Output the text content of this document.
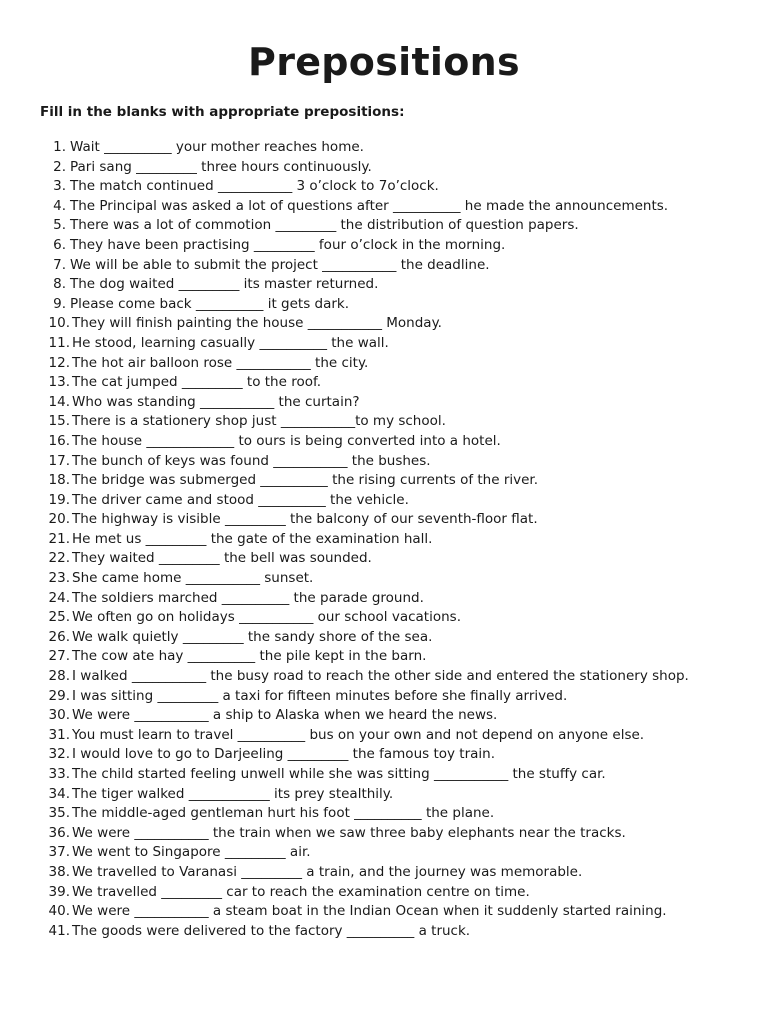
Prepositions

Fill in the blanks with appropriate prepositions:

1. Wait __________ your mother reaches home.
2. Pari sang _________ three hours continuously.
3. The match continued ___________ 3 o’clock to 7o’clock.
4. The Principal was asked a lot of questions after __________ he made the announcements.
5. There was a lot of commotion _________ the distribution of question papers.
6. They have been practising _________ four o’clock in the morning.
7. We will be able to submit the project ___________ the deadline.
8. The dog waited _________ its master returned.
9. Please come back __________ it gets dark.
10. They will finish painting the house ___________ Monday.
11. He stood, learning casually __________ the wall.
12. The hot air balloon rose ___________ the city.
13. The cat jumped _________ to the roof.
14. Who was standing ___________ the curtain?
15. There is a stationery shop just ___________to my school.
16. The house _____________ to ours is being converted into a hotel.
17. The bunch of keys was found ___________ the bushes.
18. The bridge was submerged __________ the rising currents of the river.
19. The driver came and stood __________ the vehicle.
20. The highway is visible _________ the balcony of our seventh-floor flat.
21. He met us _________ the gate of the examination hall.
22. They waited _________ the bell was sounded.
23. She came home ___________ sunset.
24. The soldiers marched __________ the parade ground.
25. We often go on holidays ___________ our school vacations.
26. We walk quietly _________ the sandy shore of the sea.
27. The cow ate hay __________ the pile kept in the barn.
28. I walked ___________ the busy road to reach the other side and entered the stationery shop.
29. I was sitting _________ a taxi for fifteen minutes before she finally arrived.
30. We were ___________ a ship to Alaska when we heard the news.
31. You must learn to travel __________ bus on your own and not depend on anyone else.
32. I would love to go to Darjeeling _________ the famous toy train.
33. The child started feeling unwell while she was sitting ___________ the stuffy car.
34. The tiger walked ____________ its prey stealthily.
35. The middle-aged gentleman hurt his foot __________ the plane.
36. We were ___________ the train when we saw three baby elephants near the tracks.
37. We went to Singapore _________ air.
38. We travelled to Varanasi _________ a train, and the journey was memorable.
39. We travelled _________ car to reach the examination centre on time.
40. We were ___________ a steam boat in the Indian Ocean when it suddenly started raining.
41. The goods were delivered to the factory __________ a truck.
